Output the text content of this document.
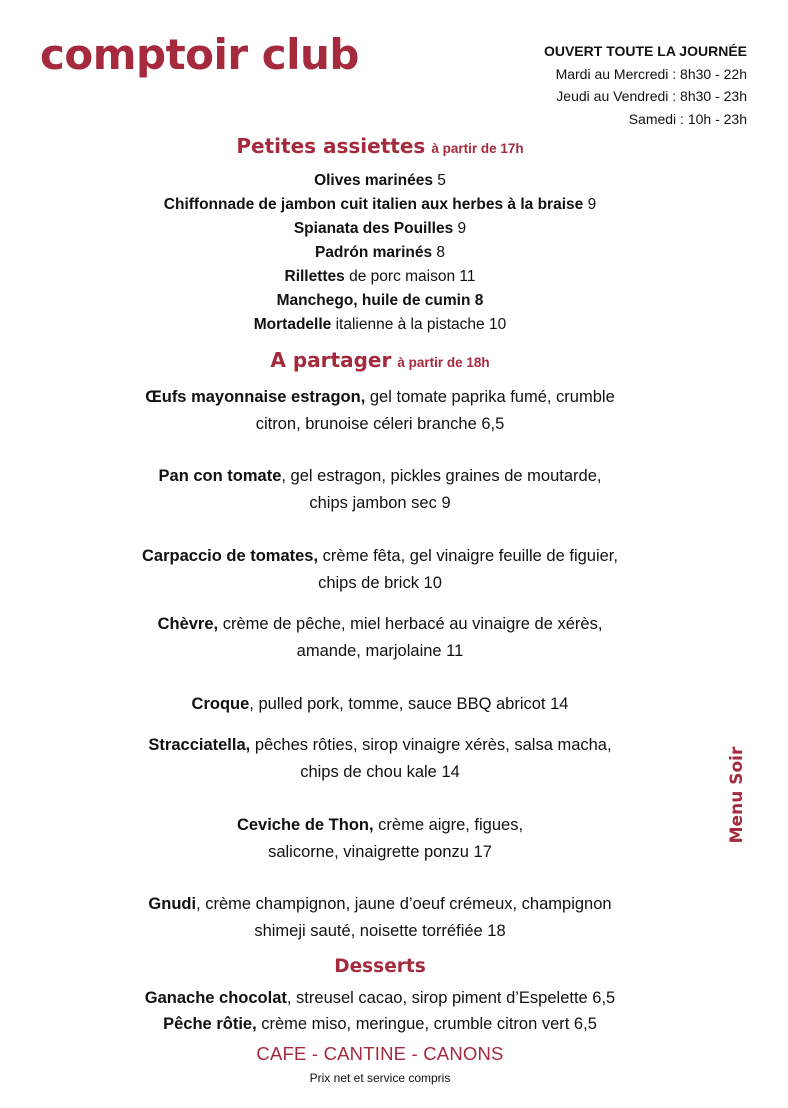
comptoir club	OUVERT TOUTE LA JOURNÉE
Mardi au Mercredi : 8h30 - 22h
Jeudi au Vendredi : 8h30 - 23h
Samedi : 10h - 23h
Menu Soir
Petites assiettes à partir de 17h
Olives marinées 5
Chiffonnade de jambon cuit italien aux herbes à la braise 9
Spianata des Pouilles 9
Padrón marinés 8
Rillettes de porc maison 11
Manchego, huile de cumin 8
Mortadelle italienne à la pistache 10
A partager à partir de 18h
Œufs mayonnaise estragon, gel tomate paprika fumé, crumble
citron, brunoise céleri branche 6,5
Pan con tomate, gel estragon, pickles graines de moutarde,
chips jambon sec 9
Carpaccio de tomates, crème fêta, gel vinaigre feuille de figuier,
chips de brick 10
Chèvre, crème de pêche, miel herbacé au vinaigre de xérès,
amande, marjolaine 11
Croque, pulled pork, tomme, sauce BBQ abricot 14
Stracciatella, pêches rôties, sirop vinaigre xérès, salsa macha,
chips de chou kale 14
Ceviche de Thon, crème aigre, figues,
salicorne, vinaigrette ponzu 17
Gnudi, crème champignon, jaune d’oeuf crémeux, champignon
shimeji sauté, noisette torréfiée 18
Desserts
Ganache chocolat, streusel cacao, sirop piment d’Espelette 6,5
Pêche rôtie, crème miso, meringue, crumble citron vert 6,5
CAFE - CANTINE - CANONS
Prix net et service compris
